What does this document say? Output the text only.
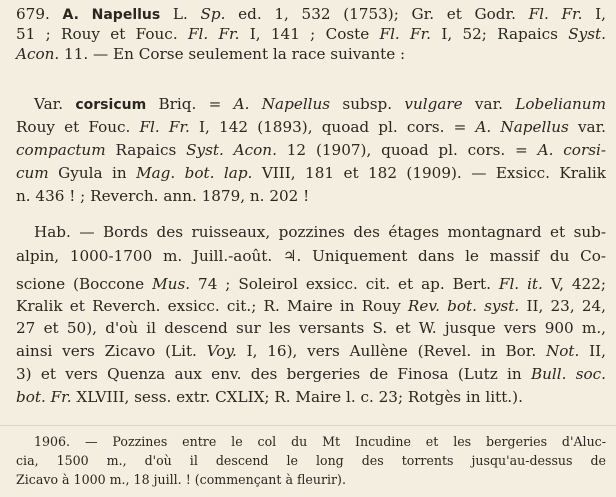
679. A. Napellus L. Sp. ed. 1, 532 (1753); Gr. et Godr. Fl. Fr. I,
51 ; Rouy et Fouc. Fl. Fr. I, 141 ; Coste Fl. Fr. I, 52; Rapaics Syst.
Acon. 11. — En Corse seulement la race suivante :
Var. corsicum Briq. = A. Napellus subsp. vulgare var. Lobelianum
Rouy et Fouc. Fl. Fr. I, 142 (1893), quoad pl. cors. = A. Napellus var.
compactum Rapaics Syst. Acon. 12 (1907), quoad pl. cors. = A. corsi-
cum Gyula in Mag. bot. lap. VIII, 181 et 182 (1909). — Exsicc. Kralik
n. 436 ! ; Reverch. ann. 1879, n. 202 !
Hab. — Bords des ruisseaux, pozzines des étages montagnard et sub-
alpin, 1000-1700 m. Juill.-août. ♃. Uniquement dans le massif du Co-
scione (Boccone Mus. 74 ; Soleirol exsicc. cit. et ap. Bert. Fl. it. V, 422;
Kralik et Reverch. exsicc. cit.; R. Maire in Rouy Rev. bot. syst. II, 23, 24,
27 et 50), d'où il descend sur les versants S. et W. jusque vers 900 m.,
ainsi vers Zicavo (Lit. Voy. I, 16), vers Aullène (Revel. in Bor. Not. II,
3) et vers Quenza aux env. des bergeries de Finosa (Lutz in Bull. soc.
bot. Fr. XLVIII, sess. extr. CXLIX; R. Maire l. c. 23; Rotgès in litt.).
1906. — Pozzines entre le col du Mt Incudine et les bergeries d'Aluc-
cia, 1500 m., d'où il descend le long des torrents jusqu'au-dessus de
Zicavo à 1000 m., 18 juill. ! (commençant à fleurir).
